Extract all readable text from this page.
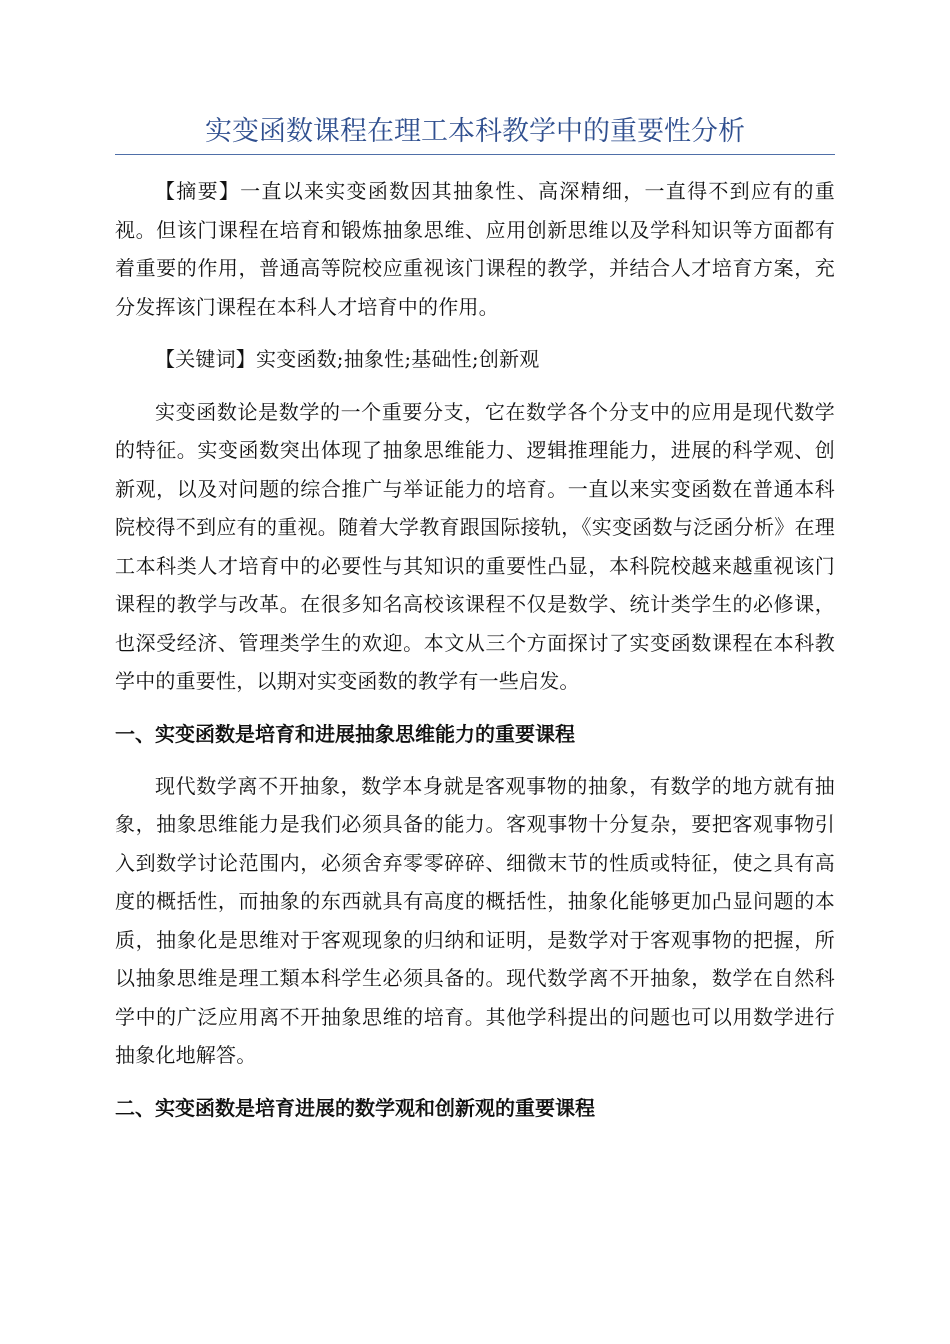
实变函数课程在理工本科教学中的重要性分析

【摘要】一直以来实变函数因其抽象性、高深精细，一直得不到应有的重视。但该门课程在培育和锻炼抽象思维、应用创新思维以及学科知识等方面都有着重要的作用，普通高等院校应重视该门课程的教学，并结合人才培育方案，充分发挥该门课程在本科人才培育中的作用。

【关键词】实变函数;抽象性;基础性;创新观

实变函数论是数学的一个重要分支，它在数学各个分支中的应用是现代数学的特征。实变函数突出体现了抽象思维能力、逻辑推理能力，进展的科学观、创新观，以及对问题的综合推广与举证能力的培育。一直以来实变函数在普通本科院校得不到应有的重视。随着大学教育跟国际接轨，《实变函数与泛函分析》在理工本科类人才培育中的必要性与其知识的重要性凸显，本科院校越来越重视该门课程的教学与改革。在很多知名高校该课程不仅是数学、统计类学生的必修课，也深受经济、管理类学生的欢迎。本文从三个方面探讨了实变函数课程在本科教学中的重要性，以期对实变函数的教学有一些启发。

一、实变函数是培育和进展抽象思维能力的重要课程

现代数学离不开抽象，数学本身就是客观事物的抽象，有数学的地方就有抽象，抽象思维能力是我们必须具备的能力。客观事物十分复杂，要把客观事物引入到数学讨论范围内，必须舍弃零零碎碎、细微末节的性质或特征，使之具有高度的概括性，而抽象的东西就具有高度的概括性，抽象化能够更加凸显问题的本质，抽象化是思维对于客观现象的归纳和证明，是数学对于客观事物的把握，所以抽象思维是理工類本科学生必须具备的。现代数学离不开抽象，数学在自然科学中的广泛应用离不开抽象思维的培育。其他学科提出的问题也可以用数学进行抽象化地解答。

二、实变函数是培育进展的数学观和创新观的重要课程
